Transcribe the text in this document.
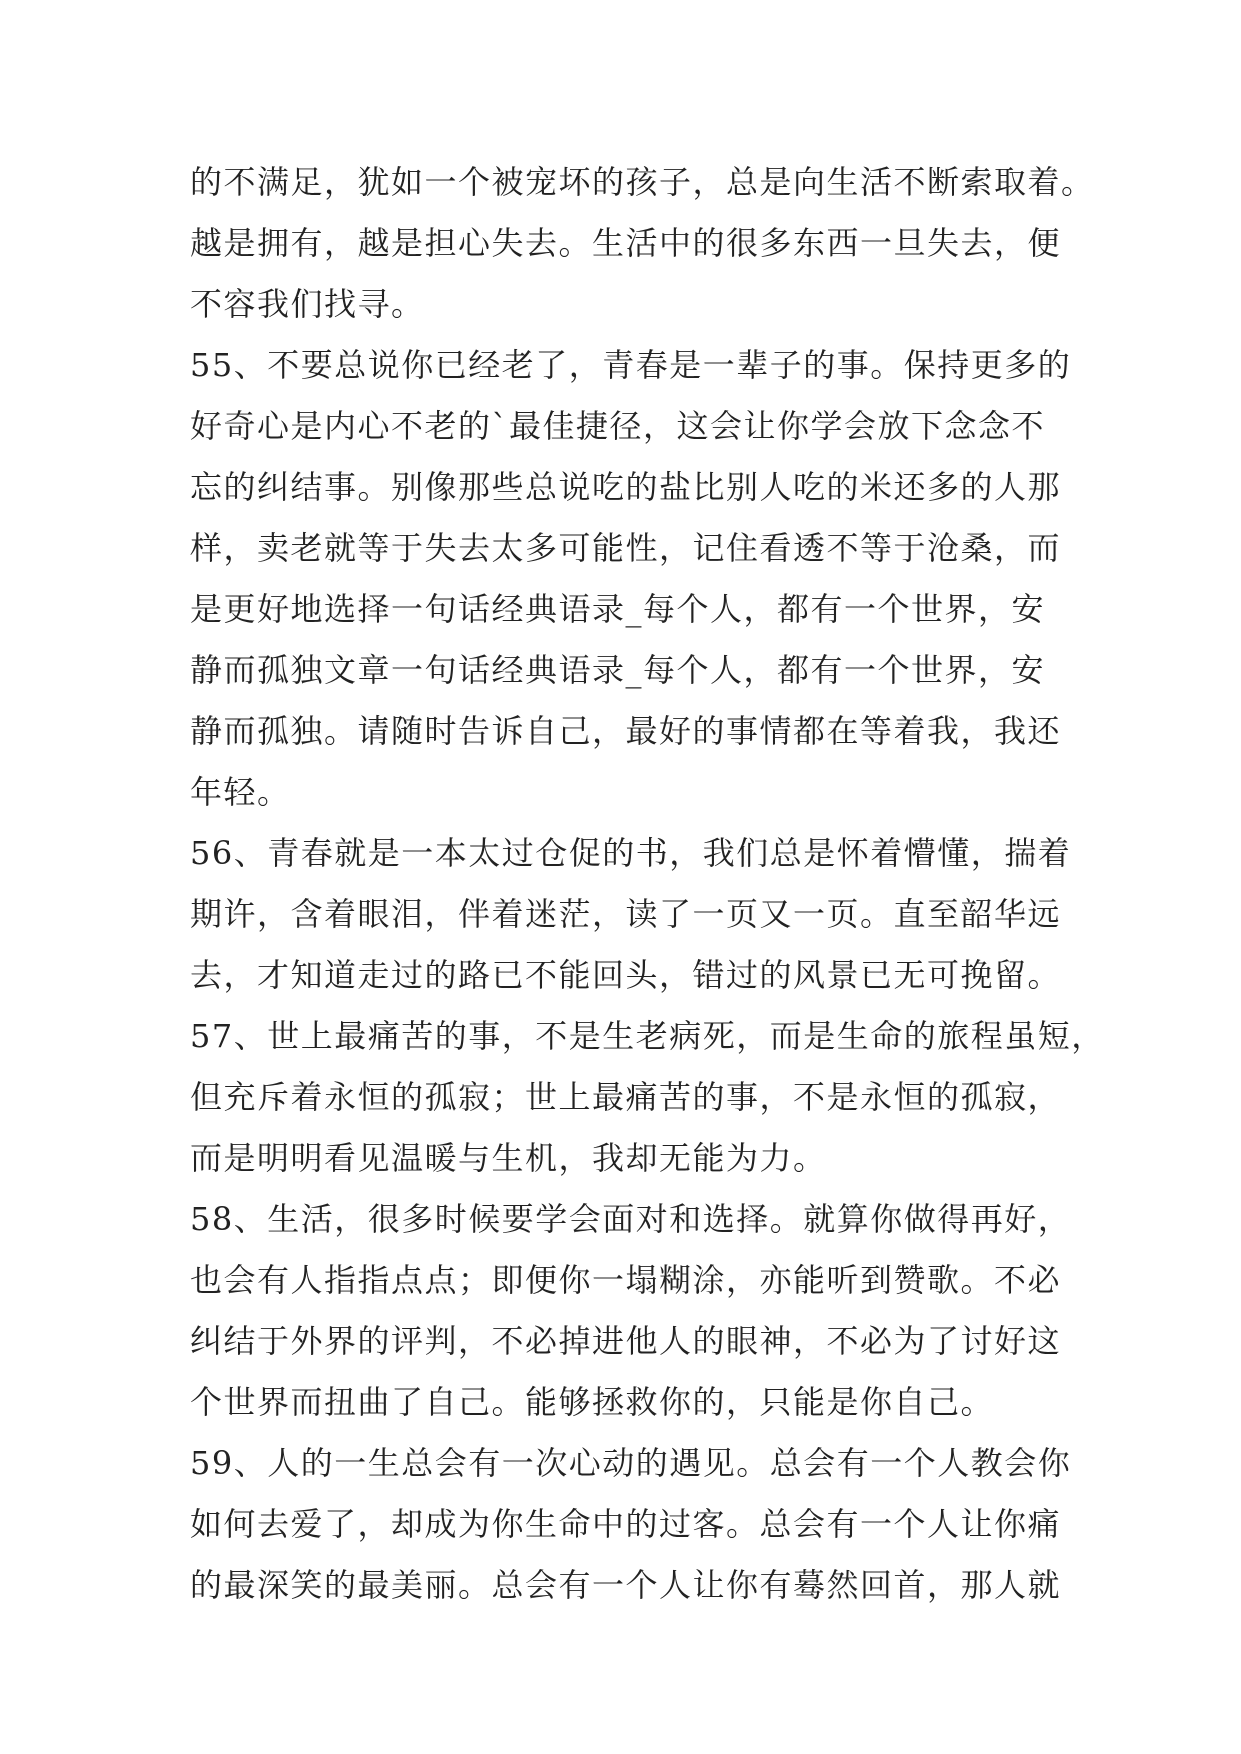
的不满足，犹如一个被宠坏的孩子，总是向生活不断索取着。
越是拥有，越是担心失去。生活中的很多东西一旦失去，便
不容我们找寻。
55、不要总说你已经老了，青春是一辈子的事。保持更多的
好奇心是内心不老的`最佳捷径，这会让你学会放下念念不
忘的纠结事。别像那些总说吃的盐比别人吃的米还多的人那
样，卖老就等于失去太多可能性，记住看透不等于沧桑，而
是更好地选择一句话经典语录_每个人，都有一个世界，安
静而孤独文章一句话经典语录_每个人，都有一个世界，安
静而孤独。请随时告诉自己，最好的事情都在等着我，我还
年轻。
56、青春就是一本太过仓促的书，我们总是怀着懵懂，揣着
期许，含着眼泪，伴着迷茫，读了一页又一页。直至韶华远
去，才知道走过的路已不能回头，错过的风景已无可挽留。
57、世上最痛苦的事，不是生老病死，而是生命的旅程虽短，
但充斥着永恒的孤寂；世上最痛苦的事，不是永恒的孤寂，
而是明明看见温暖与生机，我却无能为力。
58、生活，很多时候要学会面对和选择。就算你做得再好，
也会有人指指点点；即便你一塌糊涂，亦能听到赞歌。不必
纠结于外界的评判，不必掉进他人的眼神，不必为了讨好这
个世界而扭曲了自己。能够拯救你的，只能是你自己。
59、人的一生总会有一次心动的遇见。总会有一个人教会你
如何去爱了，却成为你生命中的过客。总会有一个人让你痛
的最深笑的最美丽。总会有一个人让你有蓦然回首，那人就
